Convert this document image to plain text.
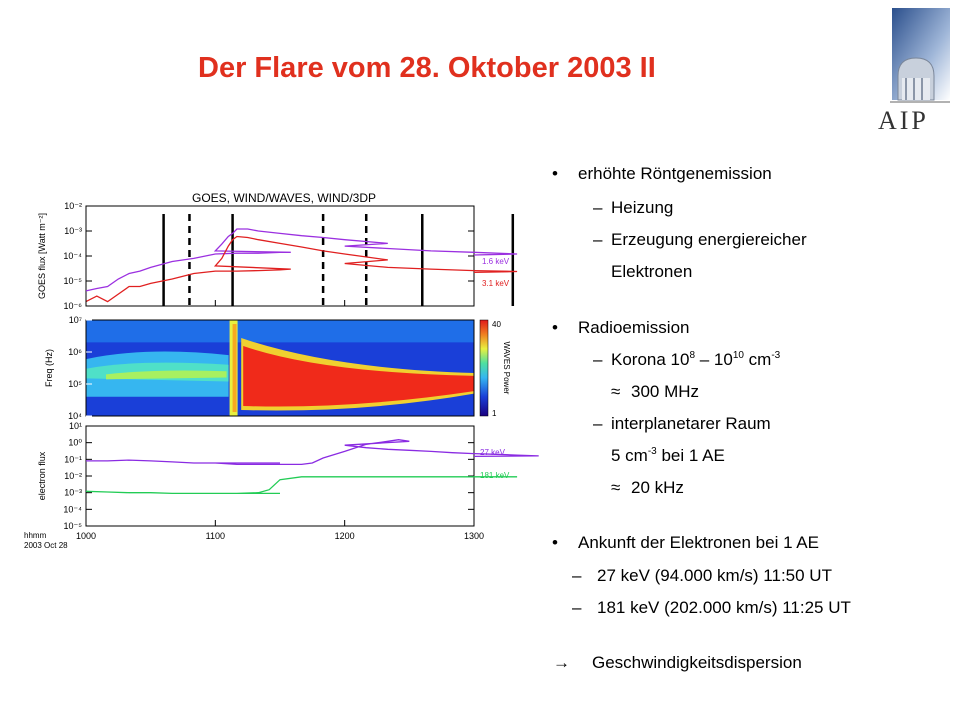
Der Flare vom 28. Oktober 2003 II
AIP
GOES, WIND/WAVES, WIND/3DP
10⁻²
10⁻³
10⁻⁴
10⁻⁵
10⁻⁶
GOES flux [Watt m⁻²]	1.6 keV
3.1 keV
10⁷
10⁶
10⁵
10⁴
Freq (Hz)
40
1
WAVES Power
10¹
10⁰
10⁻¹
10⁻²
10⁻³
10⁻⁴
10⁻⁵
electron flux	27 keV
181 keV
1000	1100	1200	1300
hhmm
2003 Oct 28
• erhöhte Röntgenemission
– Heizung
– Erzeugung energiereicher
Elektronen
• Radioemission
– Korona $10^8 - 10^{10}$ $cm^{-3}$
≈ 300 MHz
– interplanetarer Raum
5 $cm^{-3}$ bei 1 AE
≈ 20 kHz
• Ankunft der Elektronen bei 1 AE
– 27 keV (94.000 km/s) 11:50 UT
– 181 keV (202.000 km/s) 11:25 UT
→ Geschwindigkeitsdispersion
